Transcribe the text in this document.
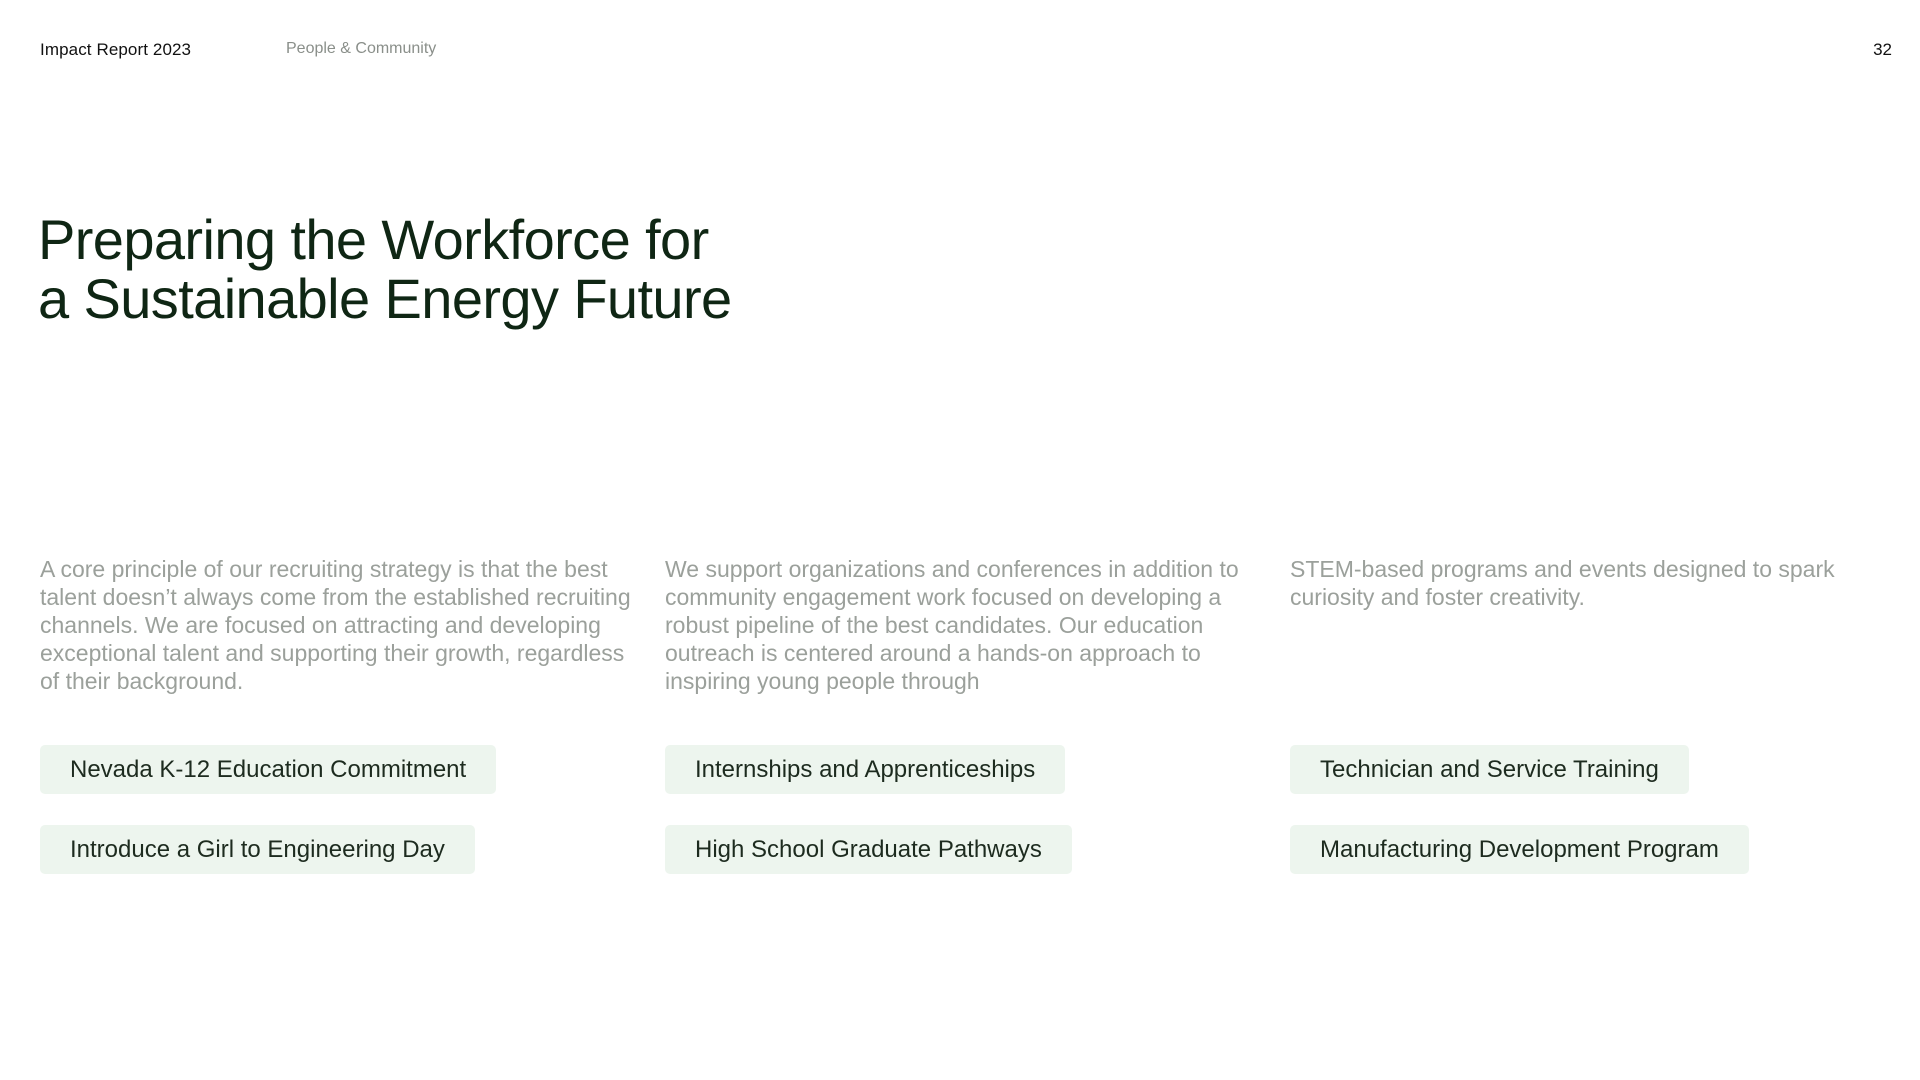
Impact Report 2023	People & Community	32
Preparing the Workforce for
a Sustainable Energy Future

A core principle of our recruiting strategy is that the best talent doesn’t always come from the established recruiting channels. We are focused on attracting and developing exceptional talent and supporting their growth, regardless of their background.

Nevada K-12 Education Commitment
Introduce a Girl to Engineering Day

We support organizations and conferences in addition to community engagement work focused on developing a robust pipeline of the best candidates. Our education outreach is centered around a hands-on approach to inspiring young people through

Internships and Apprenticeships
High School Graduate Pathways

STEM-based programs and events designed to spark curiosity and foster creativity.

Technician and Service Training
Manufacturing Development Program
